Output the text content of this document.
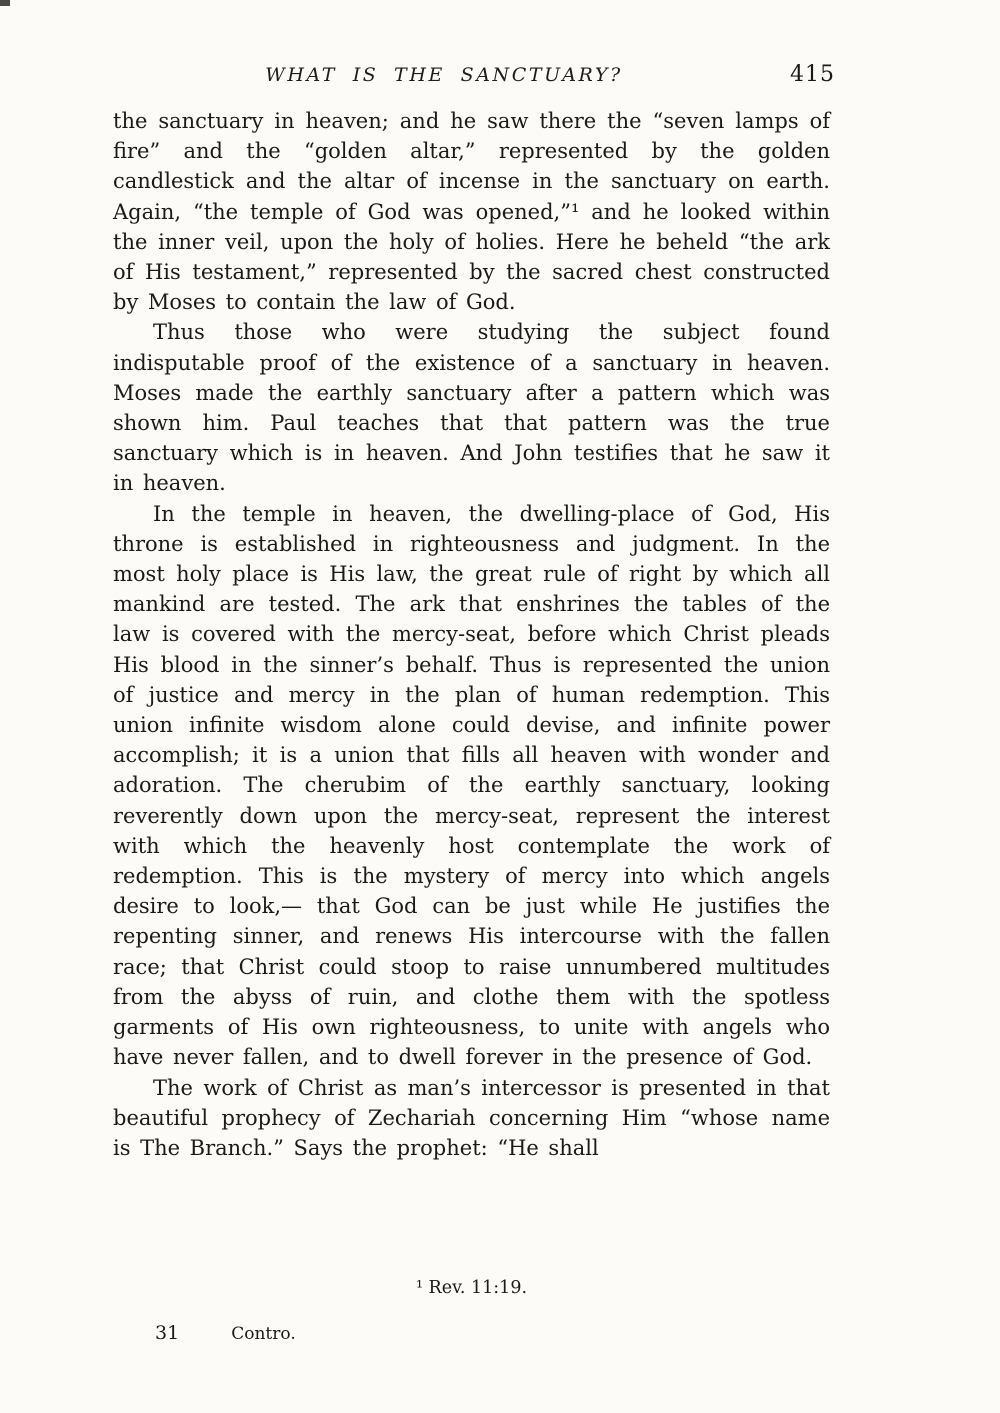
WHAT IS THE SANCTUARY?	415

the sanctuary in heaven; and he saw there the “seven lamps of fire” and the “golden altar,” represented by the golden candlestick and the altar of incense in the sanctuary on earth. Again, “the temple of God was opened,”¹ and he looked within the inner veil, upon the holy of holies. Here he beheld “the ark of His testament,” represented by the sacred chest constructed by Moses to contain the law of God.

Thus those who were studying the subject found indisputable proof of the existence of a sanctuary in heaven. Moses made the earthly sanctuary after a pattern which was shown him. Paul teaches that that pattern was the true sanctuary which is in heaven. And John testifies that he saw it in heaven.

In the temple in heaven, the dwelling-place of God, His throne is established in righteousness and judgment. In the most holy place is His law, the great rule of right by which all mankind are tested. The ark that enshrines the tables of the law is covered with the mercy-seat, before which Christ pleads His blood in the sinner’s behalf. Thus is represented the union of justice and mercy in the plan of human redemption. This union infinite wisdom alone could devise, and infinite power accomplish; it is a union that fills all heaven with wonder and adoration. The cherubim of the earthly sanctuary, looking reverently down upon the mercy-seat, represent the interest with which the heavenly host contemplate the work of redemption. This is the mystery of mercy into which angels desire to look,— that God can be just while He justifies the repenting sinner, and renews His intercourse with the fallen race; that Christ could stoop to raise unnumbered multitudes from the abyss of ruin, and clothe them with the spotless garments of His own righteousness, to unite with angels who have never fallen, and to dwell forever in the presence of God.

The work of Christ as man’s intercessor is presented in that beautiful prophecy of Zechariah concerning Him “whose name is The Branch.” Says the prophet: “He shall

¹ Rev. 11:19.
31	Contro.
